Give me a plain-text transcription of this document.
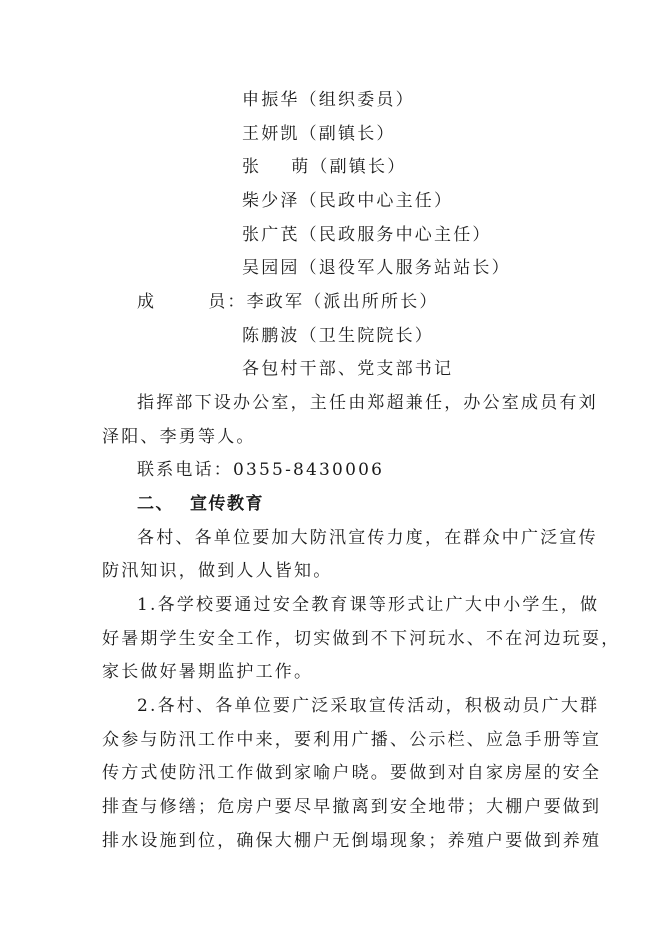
申振华（组织委员）
王妍凯（副镇长）
张 萌（副镇长）
柴少泽（民政中心主任）
张广芪（民政服务中心主任）
吴园园（退役军人服务站站长）
成	员：李政军（派出所所长）
陈鹏波（卫生院院长）
各包村干部、党支部书记
指挥部下设办公室，主任由郑超兼任，办公室成员有刘
泽阳、李勇等人。
联系电话：0355-8430006
二、 宣传教育
各村、各单位要加大防汛宣传力度，在群众中广泛宣传
防汛知识，做到人人皆知。
1.各学校要通过安全教育课等形式让广大中小学生，做
好暑期学生安全工作，切实做到不下河玩水、不在河边玩耍，
家长做好暑期监护工作。
2.各村、各单位要广泛采取宣传活动，积极动员广大群
众参与防汛工作中来，要利用广播、公示栏、应急手册等宣
传方式使防汛工作做到家喻户晓。要做到对自家房屋的安全
排查与修缮；危房户要尽早撤离到安全地带；大棚户要做到
排水设施到位，确保大棚户无倒塌现象；养殖户要做到养殖
